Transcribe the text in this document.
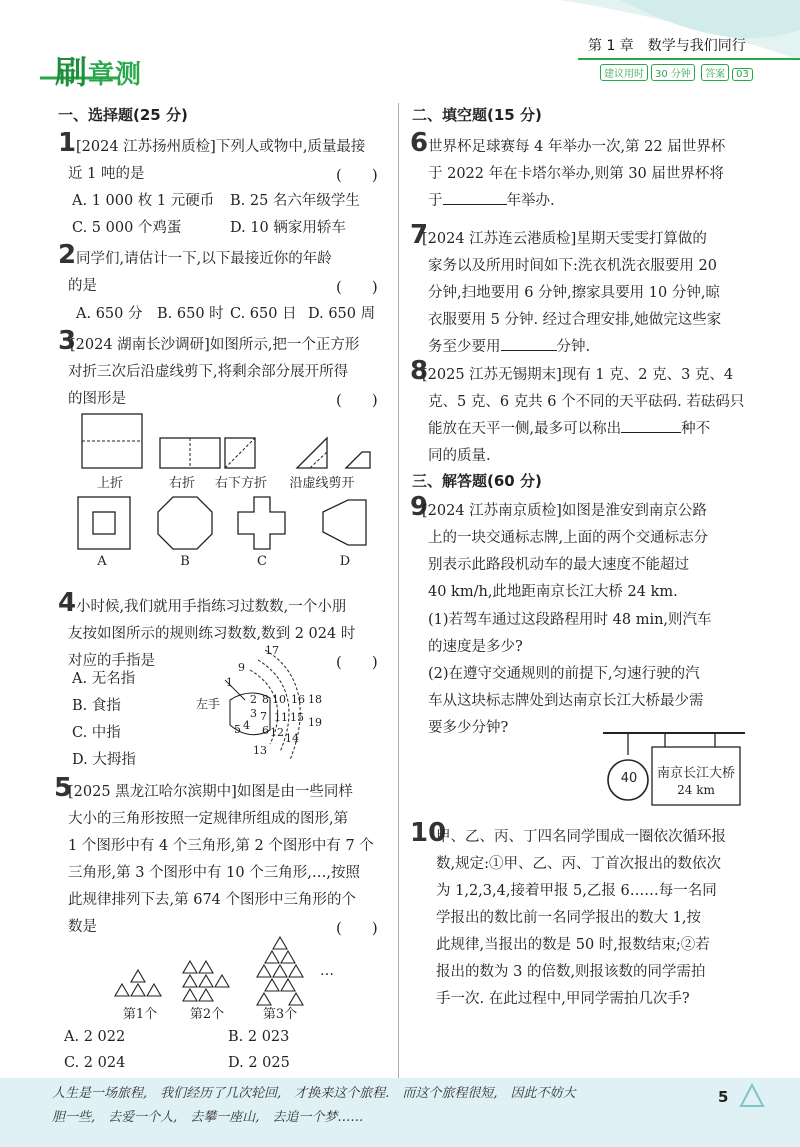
刷章测
第 1 章　数学与我们同行
建议用时 30 分钟 答案 03
一、选择题(25 分)
1 [2024 江苏扬州质检]下列人或物中,质量最接
近 1 吨的是	(　　)
A. 1 000 枚 1 元硬币 B. 25 名六年级学生
C. 5 000 个鸡蛋	D. 10 辆家用轿车
2 同学们,请估计一下,以下最接近你的年龄
的是	(　　)
A. 650 分 B. 650 时 C. 650 日 D. 650 周
3
[2024 湖南长沙调研]如图所示,把一个正方形
对折三次后沿虚线剪下,将剩余部分展开所得
的图形是	(　　)
上折	右折	右下方折	沿虚线剪开
A	B	C	D
4 小时候,我们就用手指练习过数数,一个小朋
友按如图所示的规则练习数数,数到 2 024 时
对应的手指是	(　　)
A. 无名指
B. 食指
C. 中指
D. 大拇指
左手
1
2
3
4
5 6
7
8
9
10
11
12
13
14
15
16
17
18
19
5
[2025 黑龙江哈尔滨期中]如图是由一些同样
大小的三角形按照一定规律所组成的图形,第
1 个图形中有 4 个三角形,第 2 个图形中有 7 个
三角形,第 3 个图形中有 10 个三角形,…,按照
此规律排列下去,第 674 个图形中三角形的个
数是	(　　)
…
第1个	第2个	第3个
A. 2 022	B. 2 023
C. 2 024	D. 2 025
二、填空题(15 分)
6 世界杯足球赛每 4 年举办一次,第 22 届世界杯
于 2022 年在卡塔尔举办,则第 30 届世界杯将
于	年举办.
7
[2024 江苏连云港质检]星期天雯雯打算做的
家务以及所用时间如下:洗衣机洗衣服要用 20
分钟,扫地要用 6 分钟,擦家具要用 10 分钟,晾
衣服要用 5 分钟. 经过合理安排,她做完这些家
务至少要用	分钟.
8
[2025 江苏无锡期末]现有 1 克、2 克、3 克、4
克、5 克、6 克共 6 个不同的天平砝码. 若砝码只
能放在天平一侧,最多可以称出	种不
同的质量.
三、解答题(60 分)
9
[2024 江苏南京质检]如图是淮安到南京公路
上的一块交通标志牌,上面的两个交通标志分
别表示此路段机动车的最大速度不能超过
40 km/h,此地距南京长江大桥 24 km.
(1)若驾车通过这段路程用时 48 min,则汽车
的速度是多少?
(2)在遵守交通规则的前提下,匀速行驶的汽
车从这块标志牌处到达南京长江大桥最少需
要多少分钟?
40	南京长江大桥
24 km
10
甲、乙、丙、丁四名同学围成一圈依次循环报
数,规定:①甲、乙、丙、丁首次报出的数依次
为 1,2,3,4,接着甲报 5,乙报 6……每一名同
学报出的数比前一名同学报出的数大 1,按
此规律,当报出的数是 50 时,报数结束;②若
报出的数为 3 的倍数,则报该数的同学需拍
手一次. 在此过程中,甲同学需拍几次手?
人生是一场旅程,　我们经历了几次轮回,　才换来这个旅程.　而这个旅程很短,　因此不妨大
胆一些,　去爱一个人,　去攀一座山,　去追一个梦……
5
